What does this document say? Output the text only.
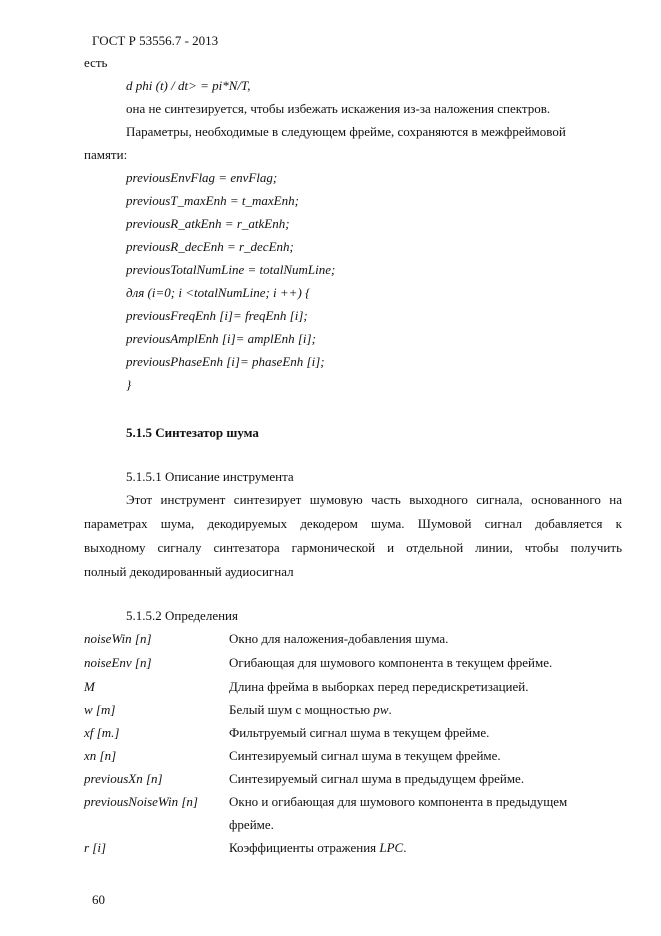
ГОСТ Р 53556.7 - 2013
есть
d phi (t) / dt> = pi*N/T,
она не синтезируется, чтобы избежать искажения из-за наложения спектров.
Параметры, необходимые в следующем фрейме, сохраняются в межфреймовой
памяти:
previousEnvFlag = envFlag;
previousT_maxEnh = t_maxEnh;
previousR_atkEnh = r_atkEnh;
previousR_decEnh = r_decEnh;
previousTotalNumLine = totalNumLine;
для (i=0; i <totalNumLine; i ++) {
previousFreqEnh [i]= freqEnh [i];
previousAmplEnh [i]= amplEnh [i];
previousPhaseEnh [i]= phaseEnh [i];
}
5.1.5 Синтезатор шума
5.1.5.1 Описание инструмента
Этот инструмент синтезирует шумовую часть выходного сигнала, основанного на
параметрах шума, декодируемых декодером шума. Шумовой сигнал добавляется к
выходному сигналу синтезатора гармонической и отдельной линии, чтобы получить
полный декодированный аудиосигнал
5.1.5.2 Определения
noiseWin [n]	Окно для наложения-добавления шума.
noiseEnv [n]	Огибающая для шумового компонента в текущем фрейме.
M	Длина фрейма в выборках перед передискретизацией.
w [m]	Белый шум с мощностью pw.
xf [m.]	Фильтруемый сигнал шума в текущем фрейме.
xn [n]	Синтезируемый сигнал шума в текущем фрейме.
previousXn [n]	Синтезируемый сигнал шума в предыдущем фрейме.
previousNoiseWin [n] Окно и огибающая для шумового компонента в предыдущем
фрейме.
r [i]	Коэффициенты отражения LPC.
60
